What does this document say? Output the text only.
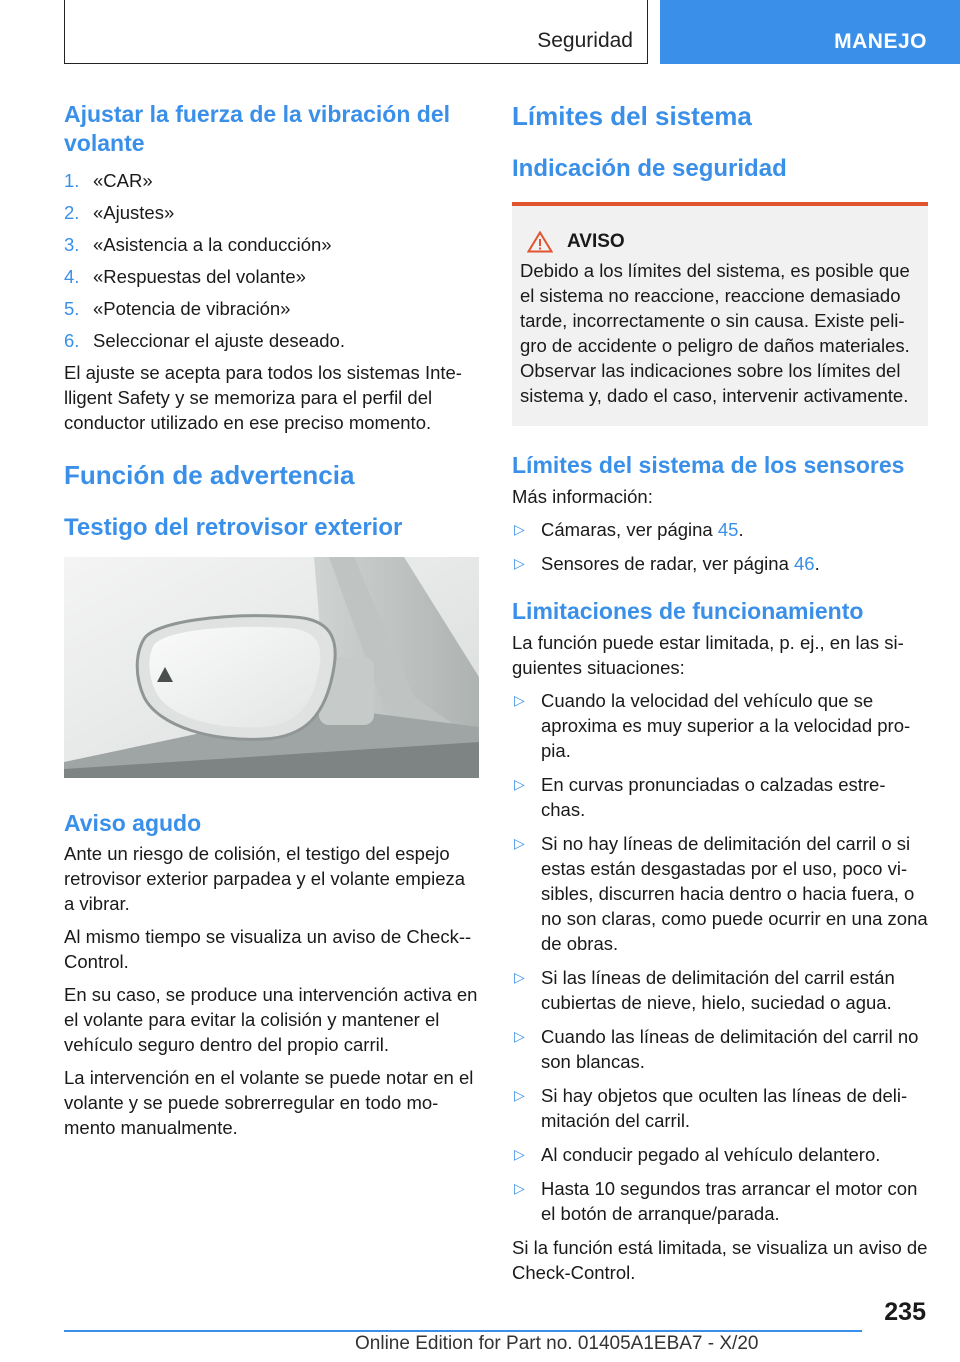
Seguridad	MANEJO
Ajustar la fuerza de la vibración del volante
1. «CAR»
2. «Ajustes»
3. «Asistencia a la conducción»
4. «Respuestas del volante»
5. «Potencia de vibración»
6. Seleccionar el ajuste deseado.

El ajuste se acepta para todos los sistemas Inte‐lligent Safety y se memoriza para el perfil del conductor utilizado en ese preciso momento.

Función de advertencia
Testigo del retrovisor exterior
Aviso agudo

Ante un riesgo de colisión, el testigo del espejo retrovisor exterior parpadea y el volante empieza a vibrar.

Al mismo tiempo se visualiza un aviso de Check--Control.

En su caso, se produce una intervención activa en el volante para evitar la colisión y mantener el vehículo seguro dentro del propio carril.

La intervención en el volante se puede notar en el volante y se puede sobrerregular en todo mo‐mento manualmente.

Límites del sistema
Indicación de seguridad
AVISO

Debido a los límites del sistema, es posible que el sistema no reaccione, reaccione demasiado tarde, incorrectamente o sin causa. Existe peli‐gro de accidente o peligro de daños materiales. Observar las indicaciones sobre los límites del sistema y, dado el caso, intervenir activamente.

Límites del sistema de los sensores

Más información:

▷ Cámaras, ver página 45.
▷ Sensores de radar, ver página 46.
Limitaciones de funcionamiento

La función puede estar limitada, p. ej., en las si‐guientes situaciones:

▷ Cuando la velocidad del vehículo que se aproxima es muy superior a la velocidad pro‐pia.
▷ En curvas pronunciadas o calzadas estre‐chas.
▷ Si no hay líneas de delimitación del carril o si estas están desgastadas por el uso, poco vi‐sibles, discurren hacia dentro o hacia fuera, o no son claras, como puede ocurrir en una zona de obras.
▷ Si las líneas de delimitación del carril están cubiertas de nieve, hielo, suciedad o agua.
▷ Cuando las líneas de delimitación del carril no son blancas.
▷ Si hay objetos que oculten las líneas de deli‐mitación del carril.
▷ Al conducir pegado al vehículo delantero.
▷ Hasta 10 segundos tras arrancar el motor con el botón de arranque/parada.

Si la función está limitada, se visualiza un aviso de Check-Control.

235
Online Edition for Part no. 01405A1EBA7 - X/20
